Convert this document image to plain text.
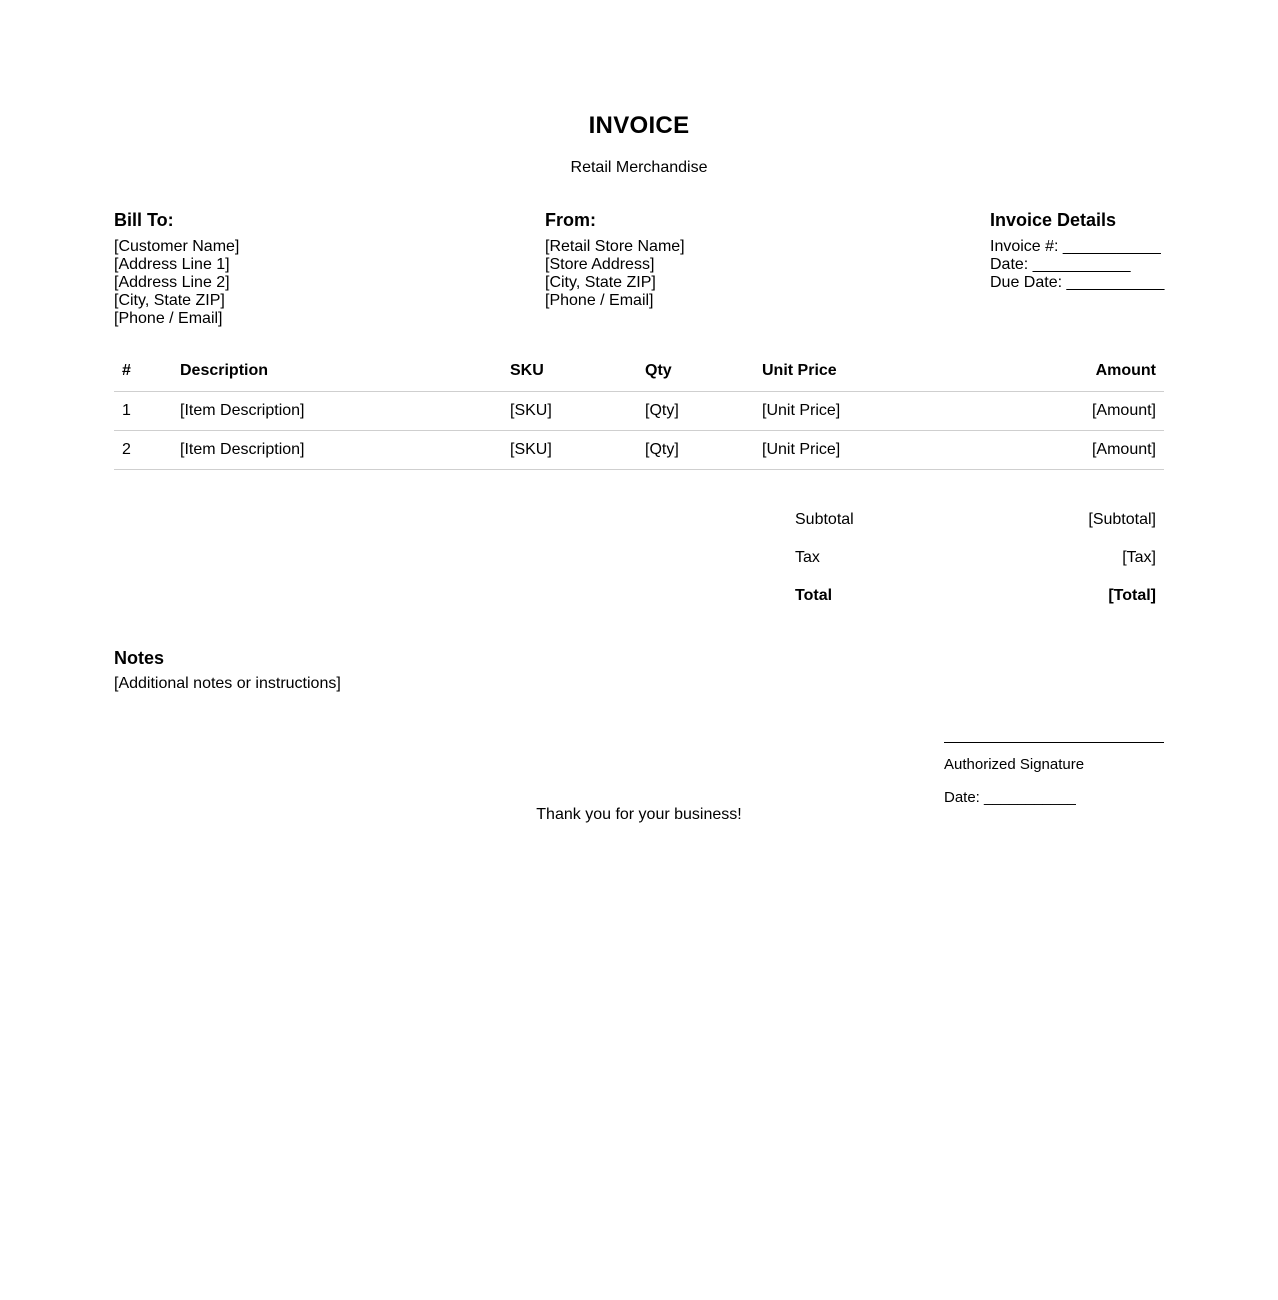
INVOICE
Retail Merchandise
Bill To:
[Customer Name]
[Address Line 1]
[Address Line 2]
[City, State ZIP]
[Phone / Email]
From:
[Retail Store Name]
[Store Address]
[City, State ZIP]
[Phone / Email]
Invoice Details
Invoice #: ___________
Date: ___________
Due Date: ___________
#	Description	SKU	Qty	Unit Price	Amount
1	[Item Description]	[SKU]	[Qty]	[Unit Price]	[Amount]
2	[Item Description]	[SKU]	[Qty]	[Unit Price]	[Amount]
Subtotal	[Subtotal]
Tax	[Tax]
Total	[Total]
Notes
[Additional notes or instructions]
Authorized Signature
Date: ___________
Thank you for your business!
